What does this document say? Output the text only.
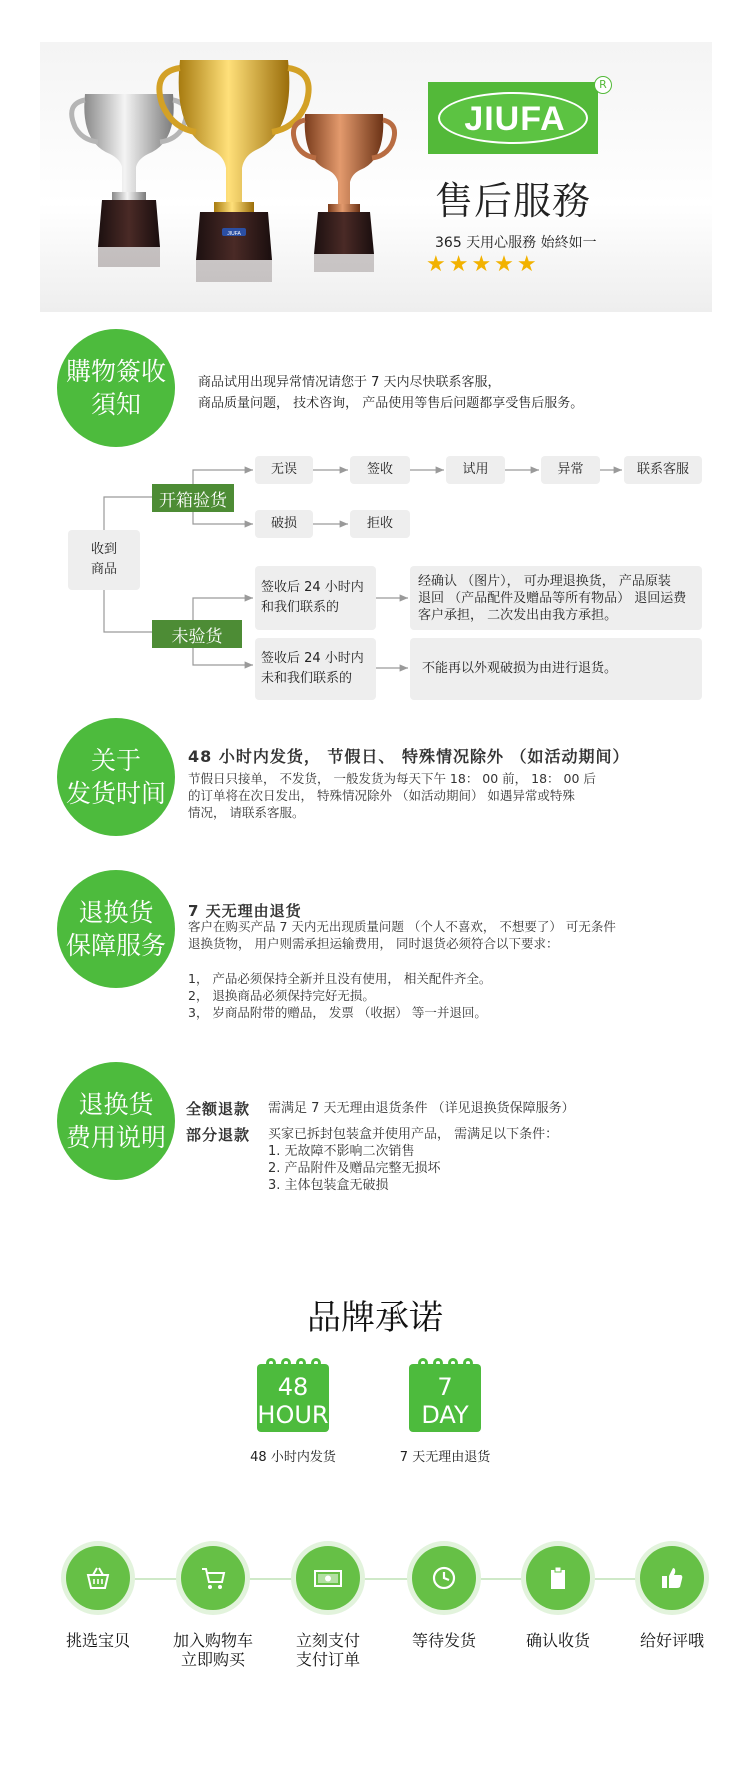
JIUFA
JIUFA
R
售后服務
365 天用心服務 始終如一
★★★★★
購物簽收
須知
商品试用出现异常情况请您于 7 天内尽快联系客服，
商品质量问题， 技术咨询， 产品使用等售后问题都享受售后服务。
收到
商品
开箱验货
未验货
无误	签收	试用	异常	联系客服
破损	拒收
签收后 24 小时内
和我们联系的
经确认 （图片）， 可办理退换货， 产品原装
退回 （产品配件及赠品等所有物品） 退回运费
客户承担， 二次发出由我方承担。
签收后 24 小时内
未和我们联系的
不能再以外观破损为由进行退货。
关于
发货时间
48 小时内发货， 节假日、 特殊情况除外 （如活动期间）
节假日只接单， 不发货， 一般发货为每天下午 18： 00 前， 18： 00 后
的订单将在次日发出， 特殊情况除外 （如活动期间） 如遇异常或特殊
情况， 请联系客服。
退换货
保障服务
7 天无理由退货
客户在购买产品 7 天内无出现质量问题 （个人不喜欢， 不想要了） 可无条件
退换货物， 用户则需承担运输费用， 同时退货必须符合以下要求：
1， 产品必须保持全新并且没有使用， 相关配件齐全。
2， 退换商品必须保持完好无损。
3， 岁商品附带的赠品， 发票 （收据） 等一并退回。
退换货
费用说明
全额退款 需满足 7 天无理由退货条件 （详见退换货保障服务）
部分退款 买家已拆封包装盒并使用产品， 需满足以下条件：
1. 无故障不影响二次销售
2. 产品附件及赠品完整无损坏
3. 主体包装盒无破损
品牌承诺
48
HOUR
48 小时内发货
7
DAY
7 天无理由退货
挑选宝贝	加入购物车
立即购买
立刻支付
支付订单
等待发货	确认收货	给好评哦
